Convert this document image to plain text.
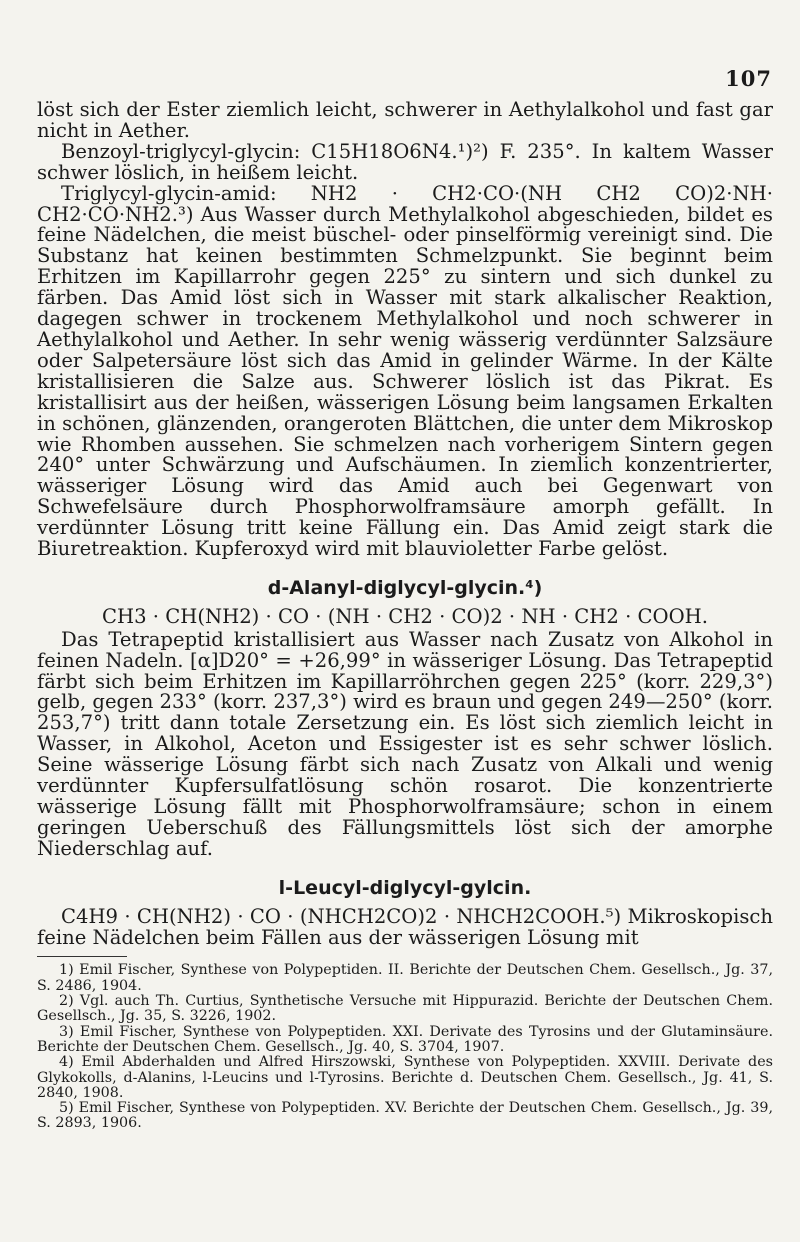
107

löst sich der Ester ziemlich leicht, schwerer in Aethylalkohol und fast gar nicht in Aether.

Benzoyl-triglycyl-glycin: C15H18O6N4.¹)²) F. 235°. In kaltem Wasser schwer löslich, in heißem leicht.

Triglycyl-glycin-amid: NH2 · CH2·CO·(NH CH2 CO)2·NH· CH2·CO·NH2.³) Aus Wasser durch Methylalkohol abgeschieden, bildet es feine Nädelchen, die meist büschel- oder pinselförmig vereinigt sind. Die Substanz hat keinen bestimmten Schmelzpunkt. Sie beginnt beim Erhitzen im Kapillarrohr gegen 225° zu sintern und sich dunkel zu färben. Das Amid löst sich in Wasser mit stark alkalischer Reaktion, dagegen schwer in trockenem Methylalkohol und noch schwerer in Aethylalkohol und Aether. In sehr wenig wässerig verdünnter Salzsäure oder Salpetersäure löst sich das Amid in gelinder Wärme. In der Kälte kristallisieren die Salze aus. Schwerer löslich ist das Pikrat. Es kristallisirt aus der heißen, wässerigen Lösung beim langsamen Erkalten in schönen, glänzenden, orangeroten Blättchen, die unter dem Mikroskop wie Rhomben aussehen. Sie schmelzen nach vorherigem Sintern gegen 240° unter Schwärzung und Aufschäumen. In ziemlich konzentrierter, wässeriger Lösung wird das Amid auch bei Gegenwart von Schwefelsäure durch Phosphorwolframsäure amorph gefällt. In verdünnter Lösung tritt keine Fällung ein. Das Amid zeigt stark die Biuretreaktion. Kupferoxyd wird mit blauvioletter Farbe gelöst.

d-Alanyl-diglycyl-glycin.⁴)
CH3 · CH(NH2) · CO · (NH · CH2 · CO)2 · NH · CH2 · COOH.

Das Tetrapeptid kristallisiert aus Wasser nach Zusatz von Alkohol in feinen Nadeln. [α]D20° = +26,99° in wässeriger Lösung. Das Tetrapeptid färbt sich beim Erhitzen im Kapillarröhrchen gegen 225° (korr. 229,3°) gelb, gegen 233° (korr. 237,3°) wird es braun und gegen 249—250° (korr. 253,7°) tritt dann totale Zersetzung ein. Es löst sich ziemlich leicht in Wasser, in Alkohol, Aceton und Essigester ist es sehr schwer löslich. Seine wässerige Lösung färbt sich nach Zusatz von Alkali und wenig verdünnter Kupfersulfatlösung schön rosarot. Die konzentrierte wässerige Lösung fällt mit Phosphorwolframsäure; schon in einem geringen Ueberschuß des Fällungsmittels löst sich der amorphe Niederschlag auf.

l-Leucyl-diglycyl-gylcin.

C4H9 · CH(NH2) · CO · (NHCH2CO)2 · NHCH2COOH.⁵) Mikroskopisch feine Nädelchen beim Fällen aus der wässerigen Lösung mit

1) Emil Fischer, Synthese von Polypeptiden. II. Berichte der Deutschen Chem. Gesellsch., Jg. 37, S. 2486, 1904.

2) Vgl. auch Th. Curtius, Synthetische Versuche mit Hippurazid. Berichte der Deutschen Chem. Gesellsch., Jg. 35, S. 3226, 1902.

3) Emil Fischer, Synthese von Polypeptiden. XXI. Derivate des Tyrosins und der Glutaminsäure. Berichte der Deutschen Chem. Gesellsch., Jg. 40, S. 3704, 1907.

4) Emil Abderhalden und Alfred Hirszowski, Synthese von Polypeptiden. XXVIII. Derivate des Glykokolls, d-Alanins, l-Leucins und l-Tyrosins. Berichte d. Deutschen Chem. Gesellsch., Jg. 41, S. 2840, 1908.

5) Emil Fischer, Synthese von Polypeptiden. XV. Berichte der Deutschen Chem. Gesellsch., Jg. 39, S. 2893, 1906.
